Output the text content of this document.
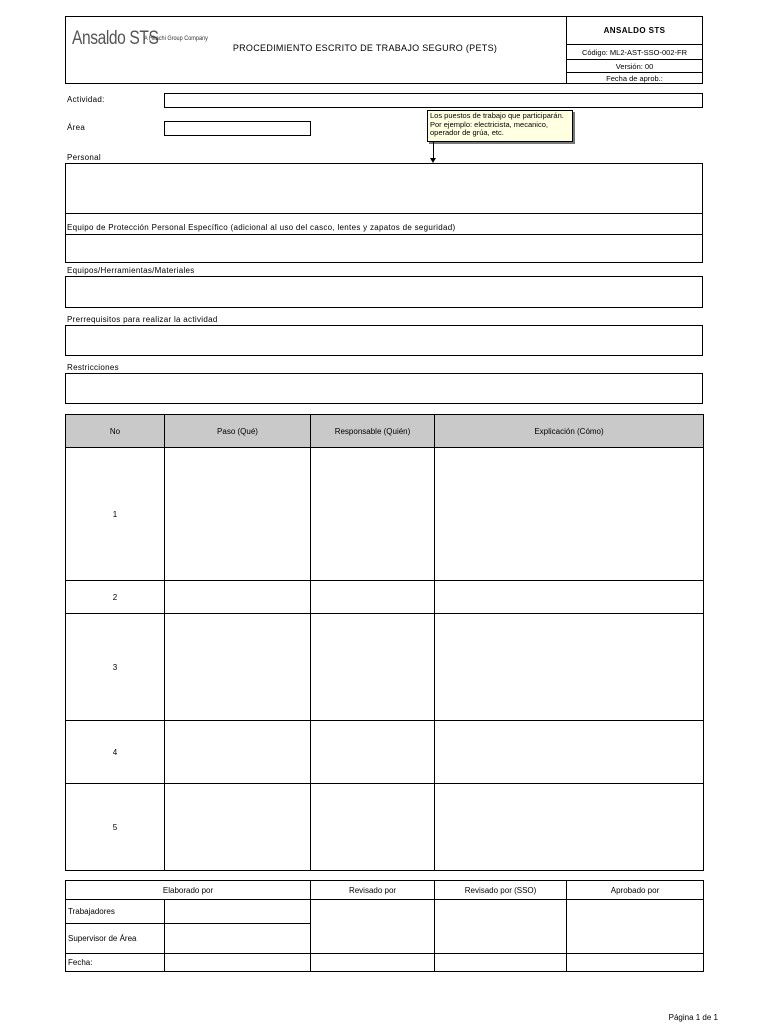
Ansaldo STS
A Hitachi Group Company
PROCEDIMIENTO ESCRITO DE TRABAJO SEGURO (PETS)
ANSALDO STS
Código: ML2-AST-SSO-002-FR
Versión: 00
Fecha de aprob.:
Actividad:
Área
Los puestos de trabajo que participarán. Por ejemplo: electricista, mecanico, operador de grúa, etc.
Personal
Equipo de Protección Personal Específico (adicional al uso del casco, lentes y zapatos de seguridad)
Equipos/Herramientas/Materiales
Prerrequisitos para realizar la actividad
Restricciones
No	Paso (Qué)	Responsable (Quién)	Explicación (Cómo)
1			
2			
3			
4			
5			
Elaborado por		Revisado por	Revisado por (SSO)	Aprobado por
Trabajadores				
Supervisor de Área				
Fecha:				
Página 1 de 1
